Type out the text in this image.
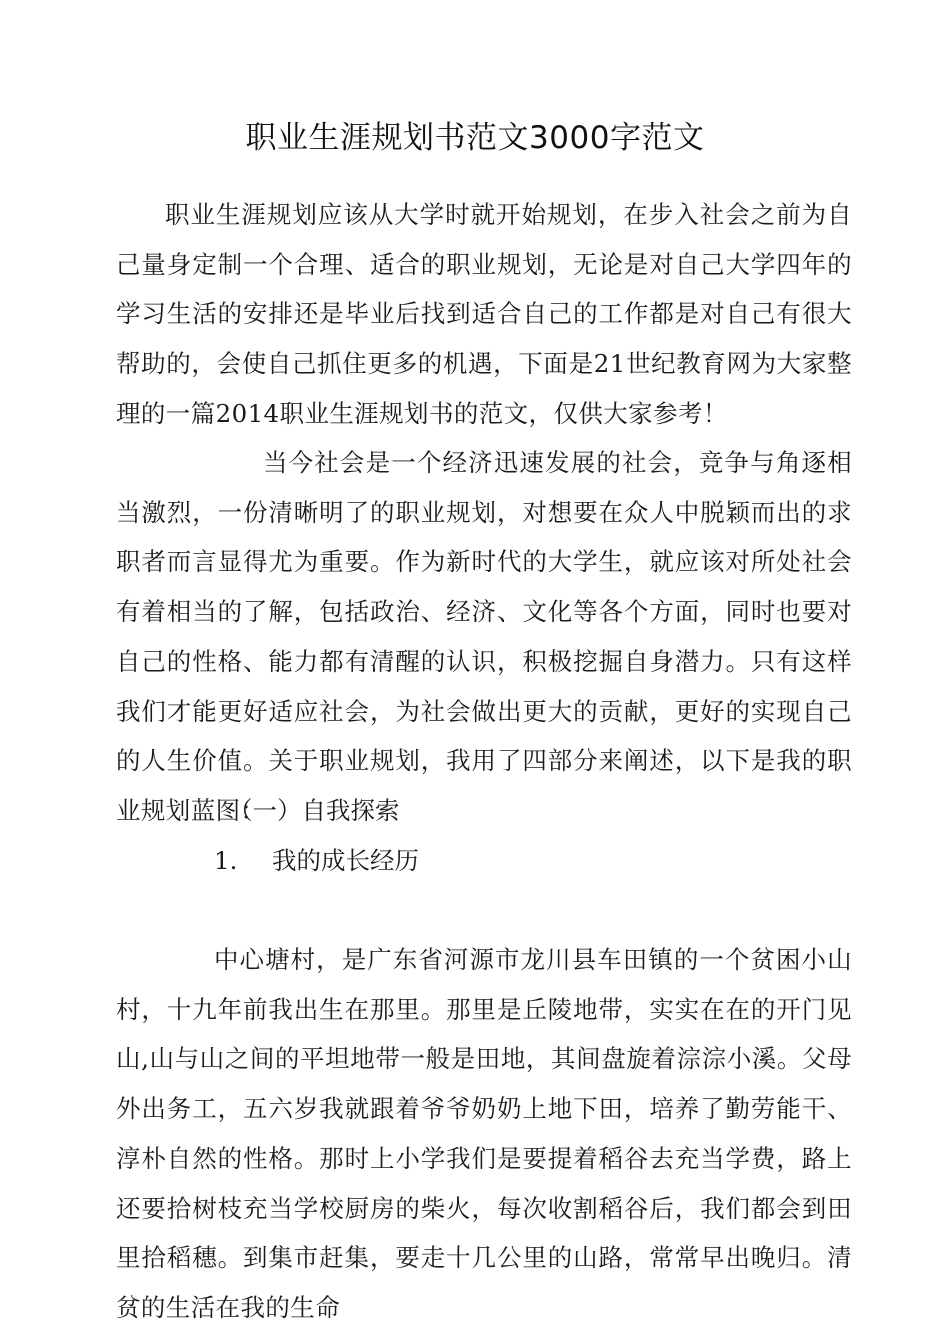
职业生涯规划书范文3000字范文

职业生涯规划应该从大学时就开始规划，在步入社会之前为自己量身定制一个合理、适合的职业规划，无论是对自己大学四年的学习生活的安排还是毕业后找到适合自己的工作都是对自己有很大帮助的，会使自己抓住更多的机遇，下面是21世纪教育网为大家整理的一篇2014职业生涯规划书的范文，仅供大家参考！

当今社会是一个经济迅速发展的社会，竞争与角逐相当激烈，一份清晰明了的职业规划，对想要在众人中脱颖而出的求职者而言显得尤为重要。作为新时代的大学生，就应该对所处社会有着相当的了解，包括政治、经济、文化等各个方面，同时也要对自己的性格、能力都有清醒的认识，积极挖掘自身潜力。只有这样我们才能更好适应社会，为社会做出更大的贡献，更好的实现自己的人生价值。关于职业规划，我用了四部分来阐述，以下是我的职业规划蓝图：

（一）自我探索

1. 我的成长经历

中心塘村，是广东省河源市龙川县车田镇的一个贫困小山村，十九年前我出生在那里。那里是丘陵地带，实实在在的开门见山,山与山之间的平坦地带一般是田地，其间盘旋着淙淙小溪。父母外出务工，五六岁我就跟着爷爷奶奶上地下田，培养了勤劳能干、淳朴自然的性格。那时上小学我们是要提着稻谷去充当学费，路上还要拾树枝充当学校厨房的柴火，每次收割稻谷后，我们都会到田里拾稻穗。到集市赶集，要走十几公里的山路，常常早出晚归。清贫的生活在我的生命
